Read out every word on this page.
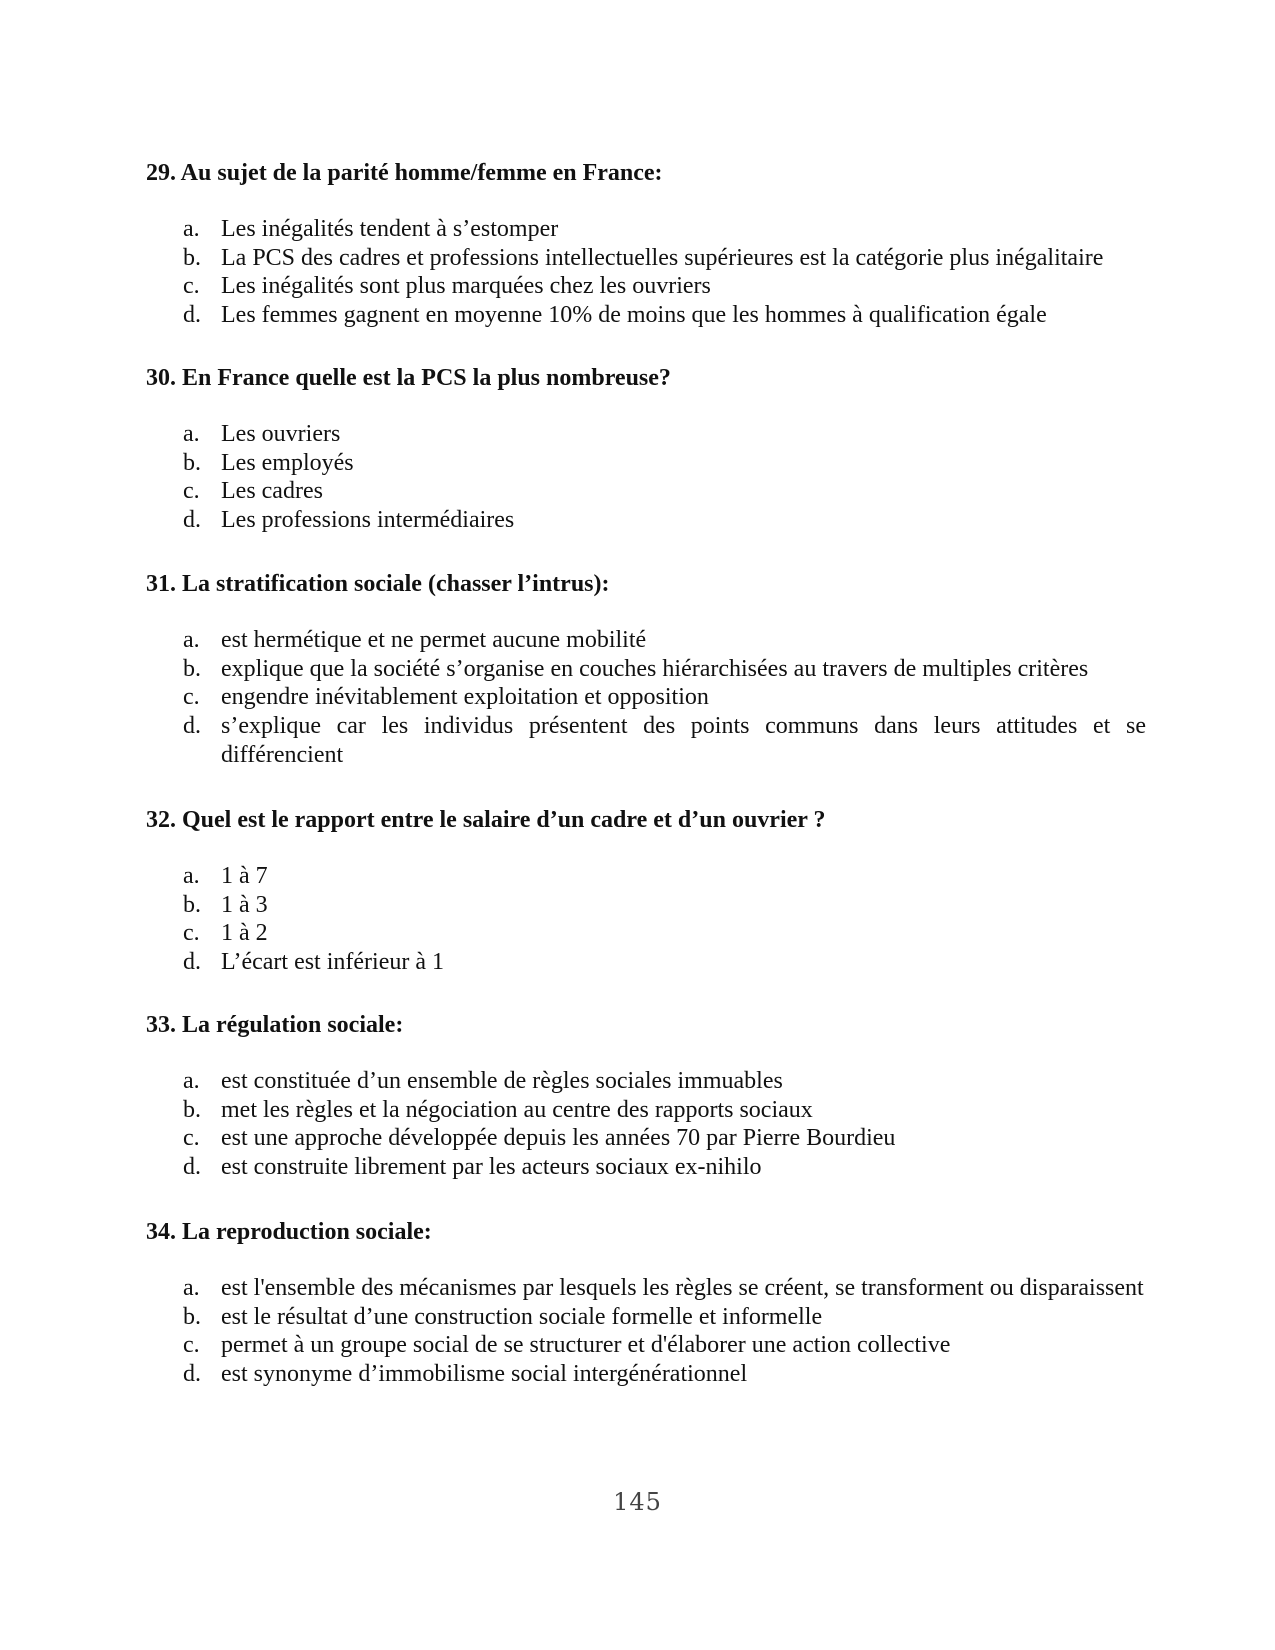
29. Au sujet de la parité homme/femme en France:

a. Les inégalités tendent à s’estomper
b. La PCS des cadres et professions intellectuelles supérieures est la catégorie plus inégalitaire
c. Les inégalités sont plus marquées chez les ouvriers
d. Les femmes gagnent en moyenne 10% de moins que les hommes à qualification égale

30. En France quelle est la PCS la plus nombreuse?

a. Les ouvriers
b. Les employés
c. Les cadres
d. Les professions intermédiaires

31. La stratification sociale (chasser l’intrus):

a. est hermétique et ne permet aucune mobilité
b. explique que la société s’organise en couches hiérarchisées au travers de multiples critères
c. engendre inévitablement exploitation et opposition
d. s’explique car les individus présentent des points communs dans leurs attitudes et se différencient

32. Quel est le rapport entre le salaire d’un cadre et d’un ouvrier ?

a. 1 à 7
b. 1 à 3
c. 1 à 2
d. L’écart est inférieur à 1

33. La régulation sociale:

a. est constituée d’un ensemble de règles sociales immuables
b. met les règles et la négociation au centre des rapports sociaux
c. est une approche développée depuis les années 70 par Pierre Bourdieu
d. est construite librement par les acteurs sociaux ex-nihilo

34. La reproduction sociale:

a. est l'ensemble des mécanismes par lesquels les règles se créent, se transforment ou disparaissent
b. est le résultat d’une construction sociale formelle et informelle
c. permet à un groupe social de se structurer et d'élaborer une action collective
d. est synonyme d’immobilisme social intergénérationnel
145
